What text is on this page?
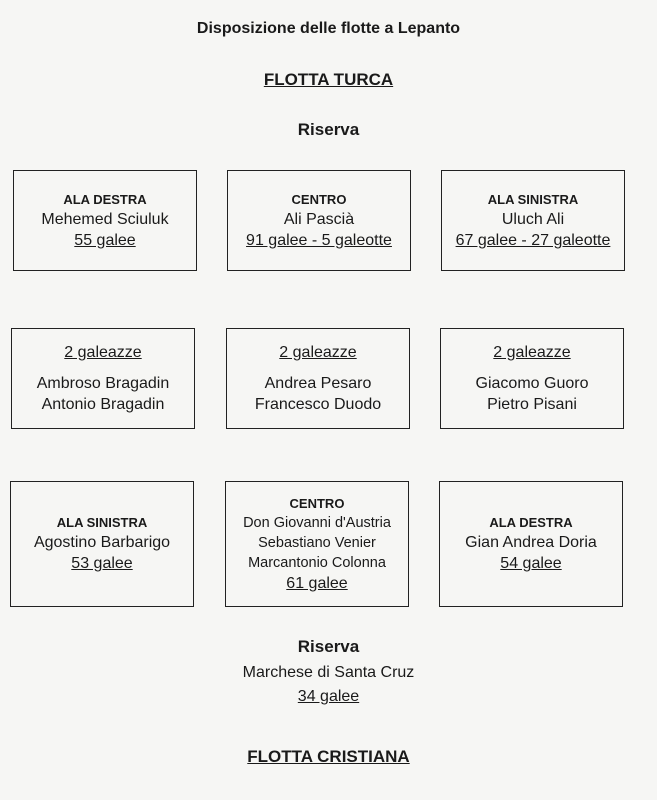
Disposizione delle flotte a Lepanto
FLOTTA TURCA
Riserva
ALA DESTRA
Mehemed Sciuluk
55 galee
CENTRO
Ali Pascià
91 galee - 5 galeotte
ALA SINISTRA
Uluch Ali
67 galee - 27 galeotte
2 galeazze
Ambroso Bragadin
Antonio Bragadin
2 galeazze
Andrea Pesaro
Francesco Duodo
2 galeazze
Giacomo Guoro
Pietro Pisani
ALA SINISTRA
Agostino Barbarigo
53 galee
CENTRO
Don Giovanni d'Austria
Sebastiano Venier
Marcantonio Colonna
61 galee
ALA DESTRA
Gian Andrea Doria
54 galee
Riserva
Marchese di Santa Cruz
34 galee
FLOTTA CRISTIANA
